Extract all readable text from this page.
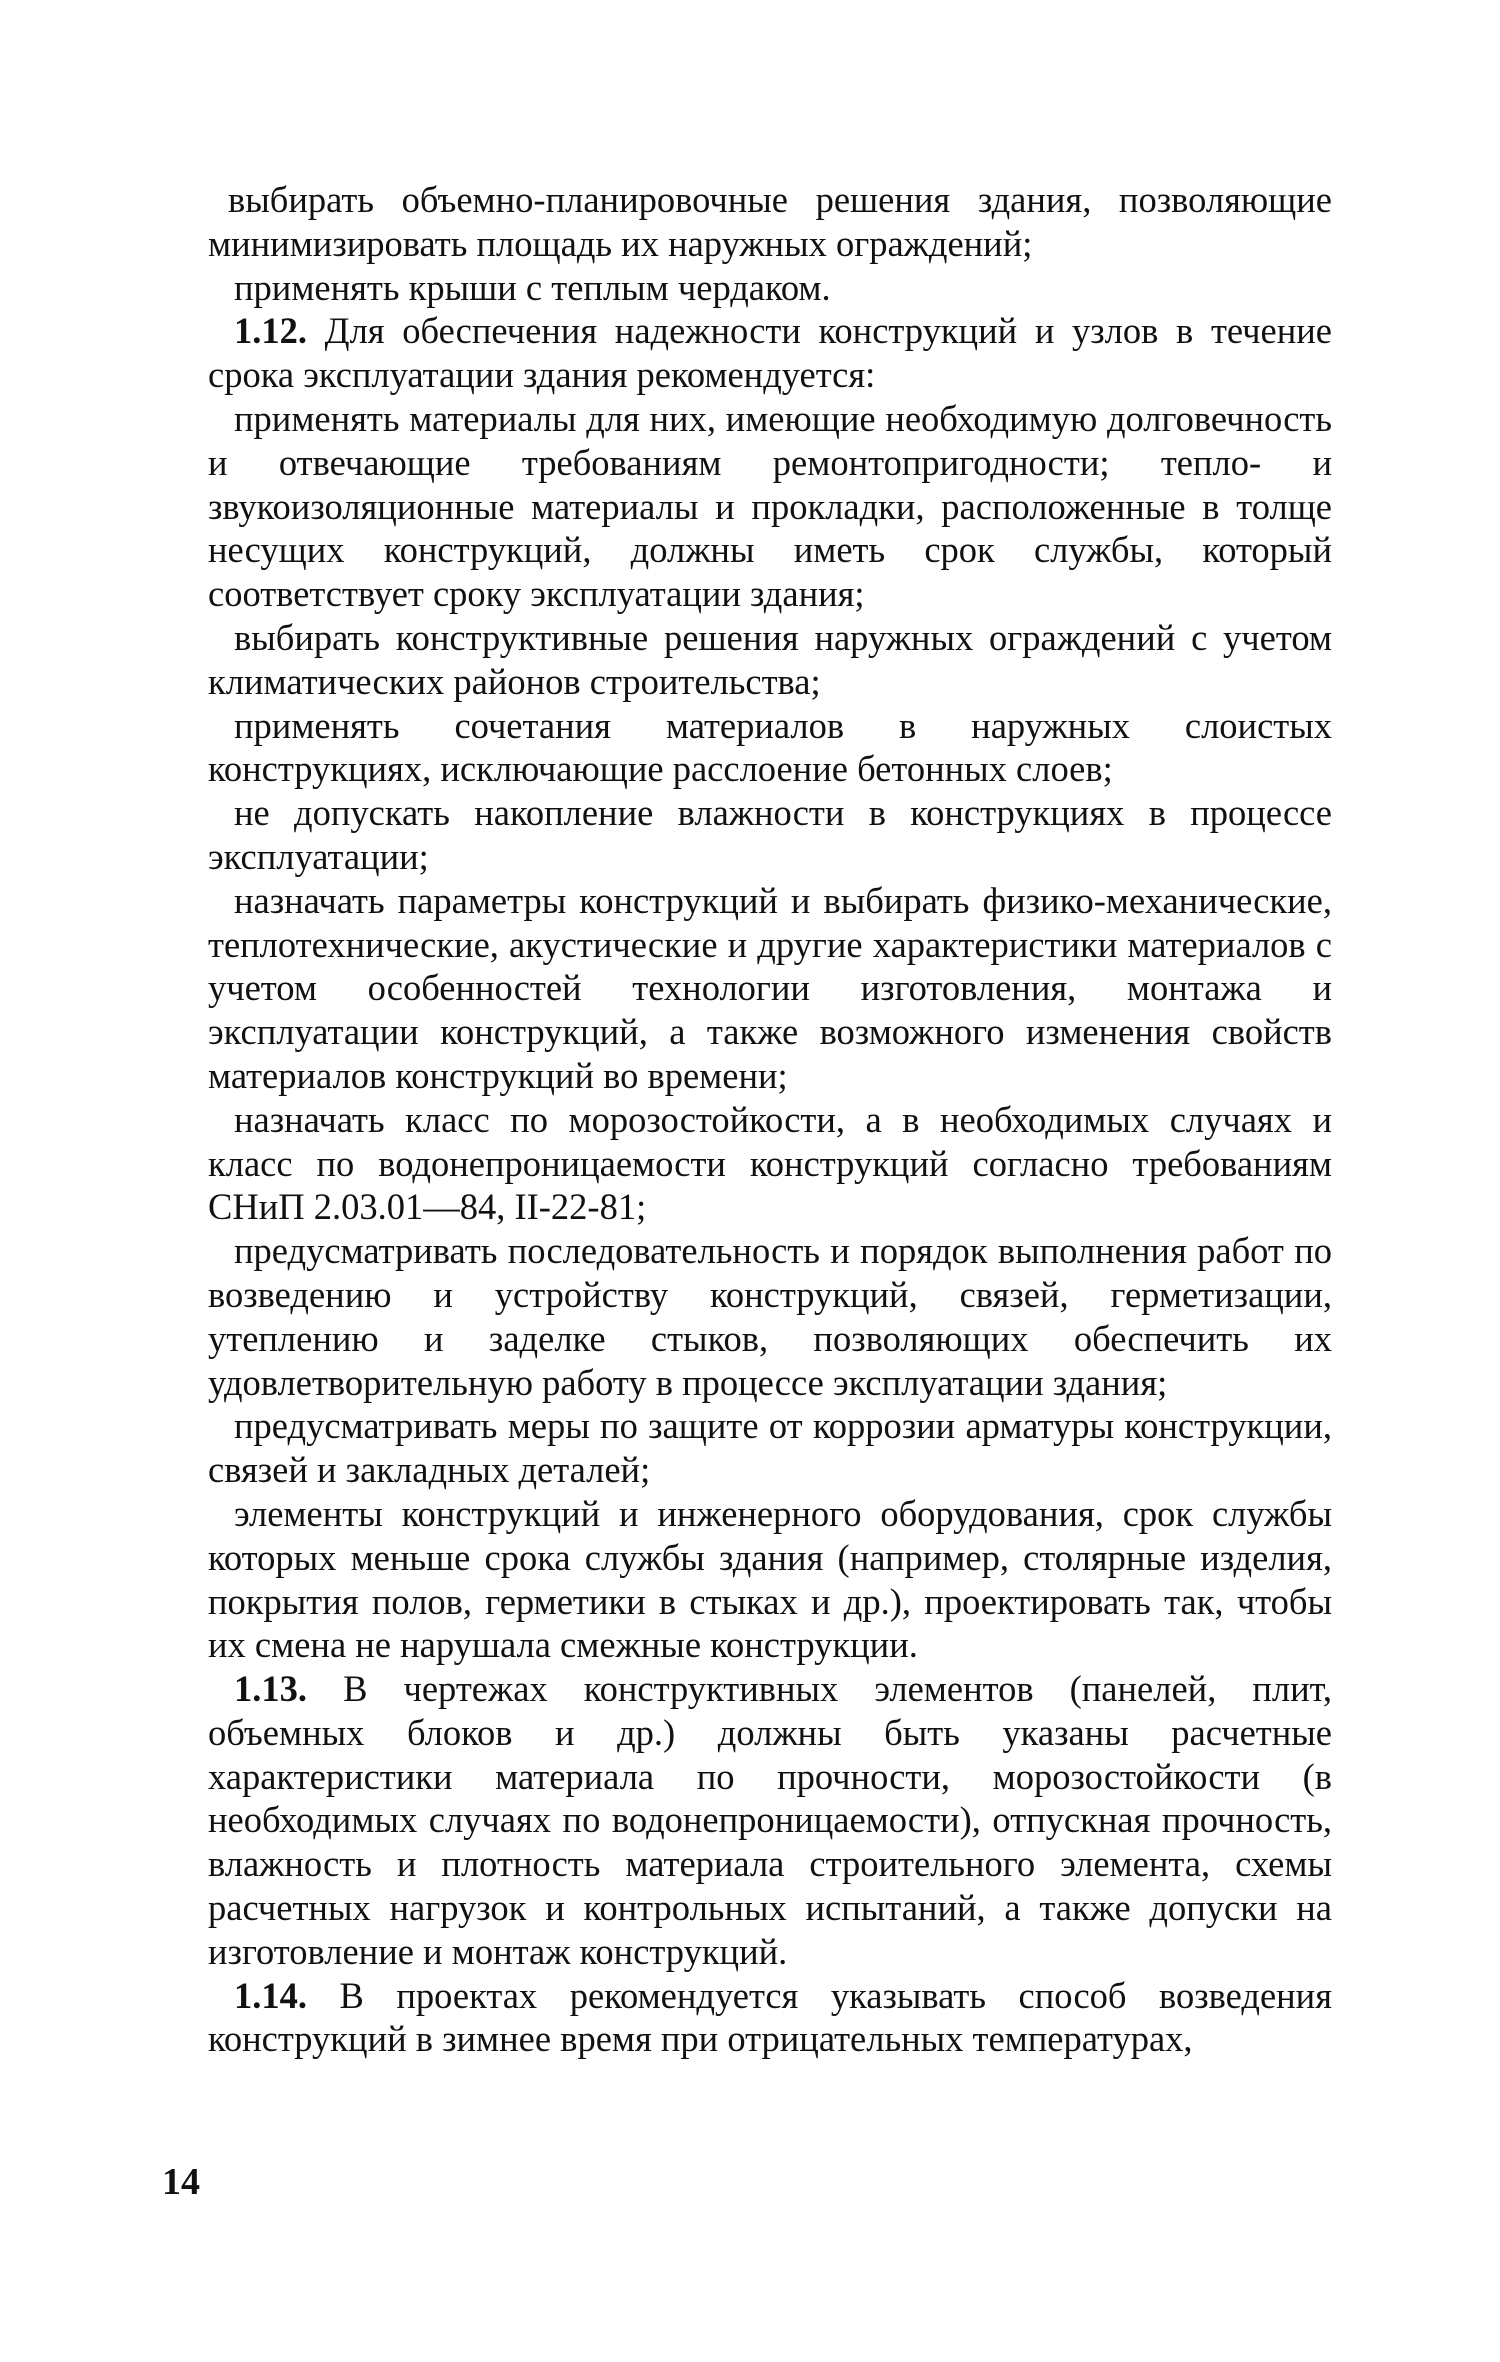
выбирать объемно-планировочные решения здания, позволяющие минимизировать площадь их наружных ограждений;

применять крыши с теплым чердаком.

1.12. Для обеспечения надежности конструкций и узлов в течение срока эксплуатации здания рекомендуется:

применять материалы для них, имеющие необходимую долговечность и отвечающие требованиям ремонтопригодности; тепло- и звукоизоляционные материалы и прокладки, расположенные в толще несущих конструкций, должны иметь срок службы, который соответствует сроку эксплуатации здания;

выбирать конструктивные решения наружных ограждений с учетом климатических районов строительства;

применять сочетания материалов в наружных слоистых конструкциях, исключающие расслоение бетонных слоев;

не допускать накопление влажности в конструкциях в процессе эксплуатации;

назначать параметры конструкций и выбирать физико-механические, теплотехнические, акустические и другие характеристики материалов с учетом особенностей технологии изготовления, монтажа и эксплуатации конструкций, а также возможного изменения свойств материалов конструкций во времени;

назначать класс по морозостойкости, а в необходимых случаях и класс по водонепроницаемости конструкций согласно требованиям СНиП 2.03.01—84, II-22-81;

предусматривать последовательность и порядок выполнения работ по возведению и устройству конструкций, связей, герметизации, утеплению и заделке стыков, позволяющих обеспечить их удовлетворительную работу в процессе эксплуатации здания;

предусматривать меры по защите от коррозии арматуры конструкции, связей и закладных деталей;

элементы конструкций и инженерного оборудования, срок службы которых меньше срока службы здания (например, столярные изделия, покрытия полов, герметики в стыках и др.), проектировать так, чтобы их смена не нарушала смежные конструкции.

1.13. В чертежах конструктивных элементов (панелей, плит, объемных блоков и др.) должны быть указаны расчетные характеристики материала по прочности, морозостойкости (в необходимых случаях по водонепроницаемости), отпускная прочность, влажность и плотность материала строительного элемента, схемы расчетных нагрузок и контрольных испытаний, а также допуски на изготовление и монтаж конструкций.

1.14. В проектах рекомендуется указывать способ возведения конструкций в зимнее время при отрицательных температурах,

14
